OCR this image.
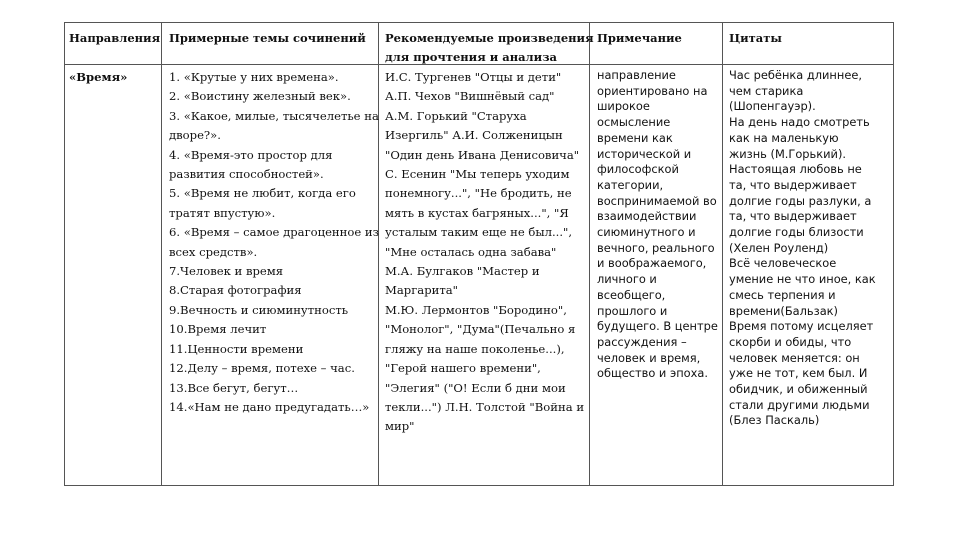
Направления Примерные темы сочинений Рекомендуемые произведения
для прочтения и анализа
Примечание	Цитаты
«Время»	1. «Крутые у них времена».
2. «Воистину железный век».
3. «Какое, милые, тысячелетье на
дворе?».
4. «Время-это простор для
развития способностей».
5. «Время не любит, когда его
тратят впустую».
6. «Время – самое драгоценное из
всех средств».
7.Человек и время
8.Старая фотография
9.Вечность и сиюминутность
10.Время лечит
11.Ценности времени
12.Делу – время, потехе – час.
13.Все бегут, бегут…
14.«Нам не дано предугадать…»
И.С. Тургенев "Отцы и дети"
А.П. Чехов "Вишнёвый сад"
А.М. Горький "Старуха
Изергиль" А.И. Солженицын
"Один день Ивана Денисовича"
С. Есенин "Мы теперь уходим
понемногу...", "Не бродить, не
мять в кустах багряных...", "Я
усталым таким еще не был...",
"Мне осталась одна забава"
М.А. Булгаков "Мастер и
Маргарита"
М.Ю. Лермонтов "Бородино",
"Монолог", "Дума"(Печально я
гляжу на наше поколенье...),
"Герой нашего времени",
"Элегия" ("О! Если б дни мои
текли...") Л.Н. Толстой "Война и
мир"
направление
ориентировано на
широкое
осмысление
времени как
исторической и
философской
категории,
воспринимаемой во
взаимодействии
сиюминутного и
вечного, реального
и воображаемого,
личного и
всеобщего,
прошлого и
будущего. В центре
рассуждения –
человек и время,
общество и эпоха.
Час ребёнка длиннее,
чем старика
(Шопенгауэр).
На день надо смотреть
как на маленькую
жизнь (М.Горький).
Настоящая любовь не
та, что выдерживает
долгие годы разлуки, а
та, что выдерживает
долгие годы близости
(Хелен Роуленд)
Всё человеческое
умение не что иное, как
смесь терпения и
времени(Бальзак)
Время потому исцеляет
скорби и обиды, что
человек меняется: он
уже не тот, кем был. И
обидчик, и обиженный
стали другими людьми
(Блез Паскаль)
